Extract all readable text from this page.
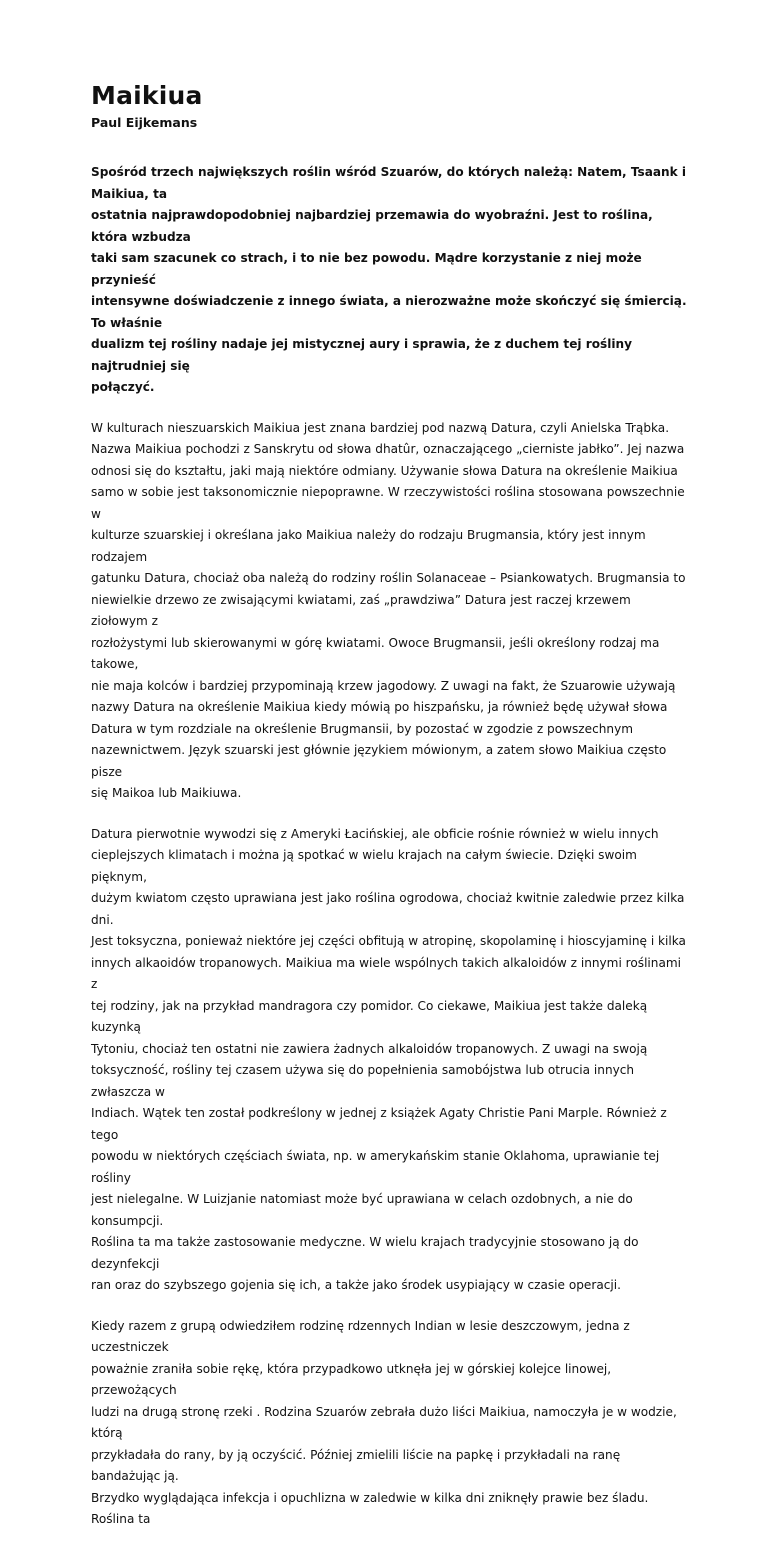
Maikiua
Paul Eijkemans

Spośród trzech największych roślin wśród Szuarów, do których należą: Natem, Tsaank i Maikiua, ta
ostatnia najprawdopodobniej najbardziej przemawia do wyobraźni. Jest to roślina, która wzbudza
taki sam szacunek co strach, i to nie bez powodu. Mądre korzystanie z niej może przynieść
intensywne doświadczenie z innego świata, a nierozważne może skończyć się śmiercią. To właśnie
dualizm tej rośliny nadaje jej mistycznej aury i sprawia, że z duchem tej rośliny najtrudniej się
połączyć.

W kulturach nieszuarskich Maikiua jest znana bardziej pod nazwą Datura, czyli Anielska Trąbka.
Nazwa Maikiua pochodzi z Sanskrytu od słowa dhatûr, oznaczającego „cierniste jabłko”. Jej nazwa
odnosi się do kształtu, jaki mają niektóre odmiany. Używanie słowa Datura na określenie Maikiua
samo w sobie jest taksonomicznie niepoprawne. W rzeczywistości roślina stosowana powszechnie w
kulturze szuarskiej i określana jako Maikiua należy do rodzaju Brugmansia, który jest innym rodzajem
gatunku Datura, chociaż oba należą do rodziny roślin Solanaceae – Psiankowatych. Brugmansia to
niewielkie drzewo ze zwisającymi kwiatami, zaś „prawdziwa” Datura jest raczej krzewem ziołowym z
rozłożystymi lub skierowanymi w górę kwiatami. Owoce Brugmansii, jeśli określony rodzaj ma takowe,
nie maja kolców i bardziej przypominają krzew jagodowy. Z uwagi na fakt, że Szuarowie używają
nazwy Datura na określenie Maikiua kiedy mówią po hiszpańsku, ja również będę używał słowa
Datura w tym rozdziale na określenie Brugmansii, by pozostać w zgodzie z powszechnym
nazewnictwem. Język szuarski jest głównie językiem mówionym, a zatem słowo Maikiua często pisze
się Maikoa lub Maikiuwa.

Datura pierwotnie wywodzi się z Ameryki Łacińskiej, ale obficie rośnie również w wielu innych
cieplejszych klimatach i można ją spotkać w wielu krajach na całym świecie. Dzięki swoim pięknym,
dużym kwiatom często uprawiana jest jako roślina ogrodowa, chociaż kwitnie zaledwie przez kilka dni.
Jest toksyczna, ponieważ niektóre jej części obfitują w atropinę, skopolaminę i hioscyjaminę i kilka
innych alkaoidów tropanowych. Maikiua ma wiele wspólnych takich alkaloidów z innymi roślinami z
tej rodziny, jak na przykład mandragora czy pomidor. Co ciekawe, Maikiua jest także daleką kuzynką
Tytoniu, chociaż ten ostatni nie zawiera żadnych alkaloidów tropanowych. Z uwagi na swoją
toksyczność, rośliny tej czasem używa się do popełnienia samobójstwa lub otrucia innych zwłaszcza w
Indiach. Wątek ten został podkreślony w jednej z książek Agaty Christie Pani Marple. Również z tego
powodu w niektórych częściach świata, np. w amerykańskim stanie Oklahoma, uprawianie tej rośliny
jest nielegalne. W Luizjanie natomiast może być uprawiana w celach ozdobnych, a nie do konsumpcji.
Roślina ta ma także zastosowanie medyczne. W wielu krajach tradycyjnie stosowano ją do dezynfekcji
ran oraz do szybszego gojenia się ich, a także jako środek usypiający w czasie operacji.

Kiedy razem z grupą odwiedziłem rodzinę rdzennych Indian w lesie deszczowym, jedna z uczestniczek
poważnie zraniła sobie rękę, która przypadkowo utknęła jej w górskiej kolejce linowej, przewożących
ludzi na drugą stronę rzeki . Rodzina Szuarów zebrała dużo liści Maikiua, namoczyła je w wodzie, którą
przykładała do rany, by ją oczyścić. Później zmielili liście na papkę i przykładali na ranę bandażując ją.
Brzydko wyglądająca infekcja i opuchlizna w zaledwie w kilka dni zniknęły prawie bez śladu. Roślina ta
